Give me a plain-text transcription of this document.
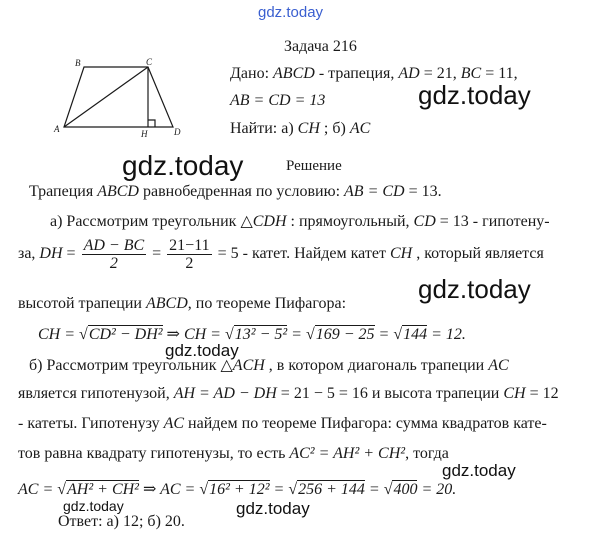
gdz.today
gdz.today
gdz.today
gdz.today
gdz.today
gdz.today
gdz.today	gdz.today
Задача 216
B	C
A	H	D
Дано: ABCD - трапеция, AD = 21, BC = 11,
AB = CD = 13
Найти: а) CH ; б) AC
Решение
Трапеция ABCD равнобедренная по условию: AB = CD = 13.
а) Рассмотрим треугольник △CDH : прямоугольный, CD = 13 - гипотену-
за, DH = $\frac{AD - BC}{2} = \frac{21-11}{2} = 5$ - катет. Найдем катет CH , который является
высотой трапеции ABCD, по теореме Пифагора:
CH = √CD² − DH² ⇒ CH = √13² − 5² = √169 − 25 = √144 = 12.
б) Рассмотрим треугольник △ACH , в котором диагональ трапеции AC
является гипотенузой, AH = AD − DH = 21 − 5 = 16 и высота трапеции CH = 12
- катеты. Гипотенузу AC найдем по теореме Пифагора: сумма квадратов кате-
тов равна квадрату гипотенузы, то есть AC² = AH² + CH², тогда
AC = √AH² + CH² ⇒ AC = √16² + 12² = √256 + 144 = √400 = 20.
Ответ: а) 12; б) 20.
